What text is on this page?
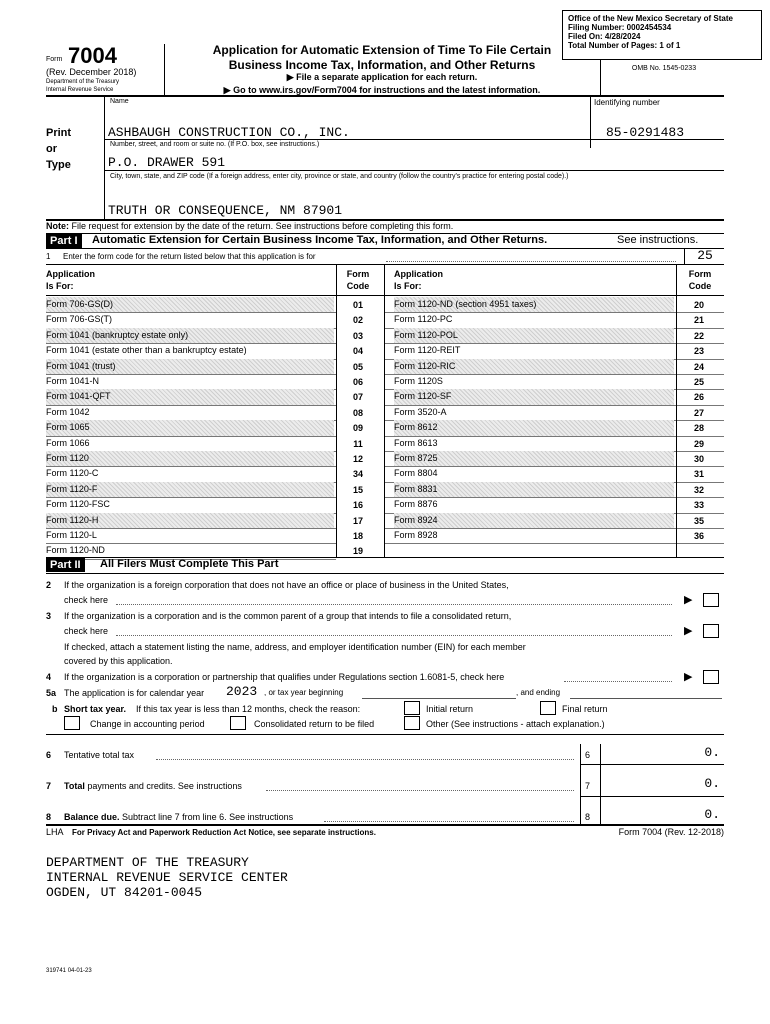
Office of the New Mexico Secretary of State
Filing Number: 0002454534
Filed On: 4/28/2024
Total Number of Pages: 1 of 1
Form 7004
(Rev. December 2018)
Department of the Treasury
Internal Revenue Service
Application for Automatic Extension of Time To File Certain
Business Income Tax, Information, and Other Returns
▶ File a separate application for each return.
▶ Go to www.irs.gov/Form7004 for instructions and the latest information.
OMB No. 1545-0233
Name	Identifying number
Print
or
Type
ASHBAUGH CONSTRUCTION CO., INC.	85-0291483
Number, street, and room or suite no. (If P.O. box, see instructions.)
P.O. DRAWER 591
City, town, state, and ZIP code (If a foreign address, enter city, province or state, and country (follow the country's practice for entering postal code).)
TRUTH OR CONSEQUENCE, NM 87901
Note: File request for extension by the date of the return. See instructions before completing this form.
Part I	Automatic Extension for Certain Business Income Tax, Information, and Other Returns.	See instructions.
1 Enter the form code for the return listed below that this application is for	25
Application
Is For:
Form
Code
Application
Is For:
Form
Code
Form 706-GS(D)	01
Form 706-GS(T)	02
Form 1041 (bankruptcy estate only)	03
Form 1041 (estate other than a bankruptcy estate)	04
Form 1041 (trust)	05
Form 1041-N	06
Form 1041-QFT	07
Form 1042	08
Form 1065	09
Form 1066	11
Form 1120	12
Form 1120-C	34
Form 1120-F	15
Form 1120-FSC	16
Form 1120-H	17
Form 1120-L	18
Form 1120-ND	19
Form 1120-ND (section 4951 taxes)	20
Form 1120-PC	21
Form 1120-POL	22
Form 1120-REIT	23
Form 1120-RIC	24
Form 1120S	25
Form 1120-SF	26
Form 3520-A	27
Form 8612	28
Form 8613	29
Form 8725	30
Form 8804	31
Form 8831	32
Form 8876	33
Form 8924	35
Form 8928	36
Part II	All Filers Must Complete This Part
2 If the organization is a foreign corporation that does not have an office or place of business in the United States,
check here	▶
3 If the organization is a corporation and is the common parent of a group that intends to file a consolidated return,
check here	▶
If checked, attach a statement listing the name, address, and employer identification number (EIN) for each member
covered by this application.
4 If the organization is a corporation or partnership that qualifies under Regulations section 1.6081-5, check here	▶
5a The application is for calendar year 2023 , or tax year beginning	, and ending
b Short tax year. If this tax year is less than 12 months, check the reason:	Initial return	Final return
Change in accounting period	Consolidated return to be filed	Other (See instructions - attach explanation.)
6 Tentative total tax	6	0.
7 Total payments and credits. See instructions	7	0.
8 Balance due. Subtract line 7 from line 6. See instructions	8	0.
LHA For Privacy Act and Paperwork Reduction Act Notice, see separate instructions.	Form 7004 (Rev. 12-2018)
DEPARTMENT OF THE TREASURY
INTERNAL REVENUE SERVICE CENTER
OGDEN, UT 84201-0045
319741 04-01-23
